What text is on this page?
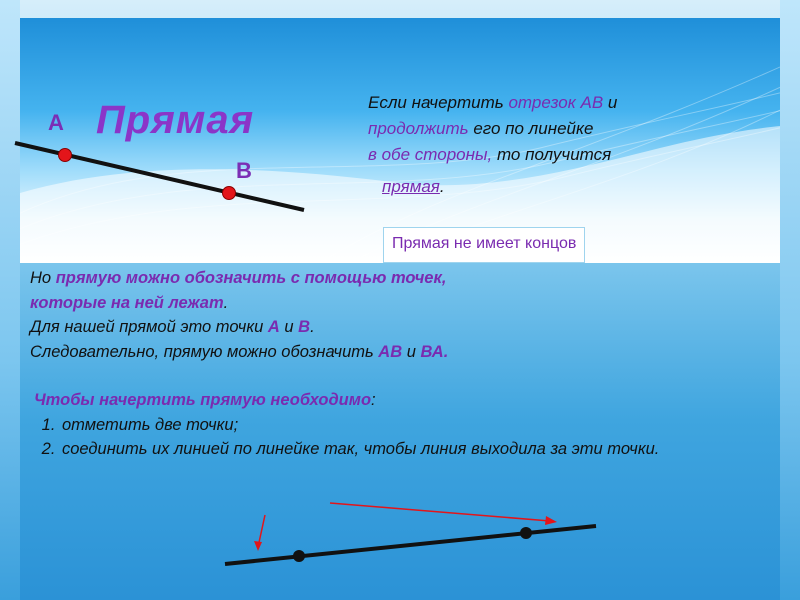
А
В
Прямая	Если начертить отрезок АВ и
продолжить его по линейке
в обе стороны, то получится
прямая.
Прямая не имеет концов
Но прямую можно обозначить с помощью точек,
которые на ней лежат.
Для нашей прямой это точки А и В.
Следовательно, прямую можно обозначить АВ и ВА.
Чтобы начертить прямую необходимо:
1. отметить две точки;
2. соединить их линией по линейке так, чтобы линия выходила за эти точки.
